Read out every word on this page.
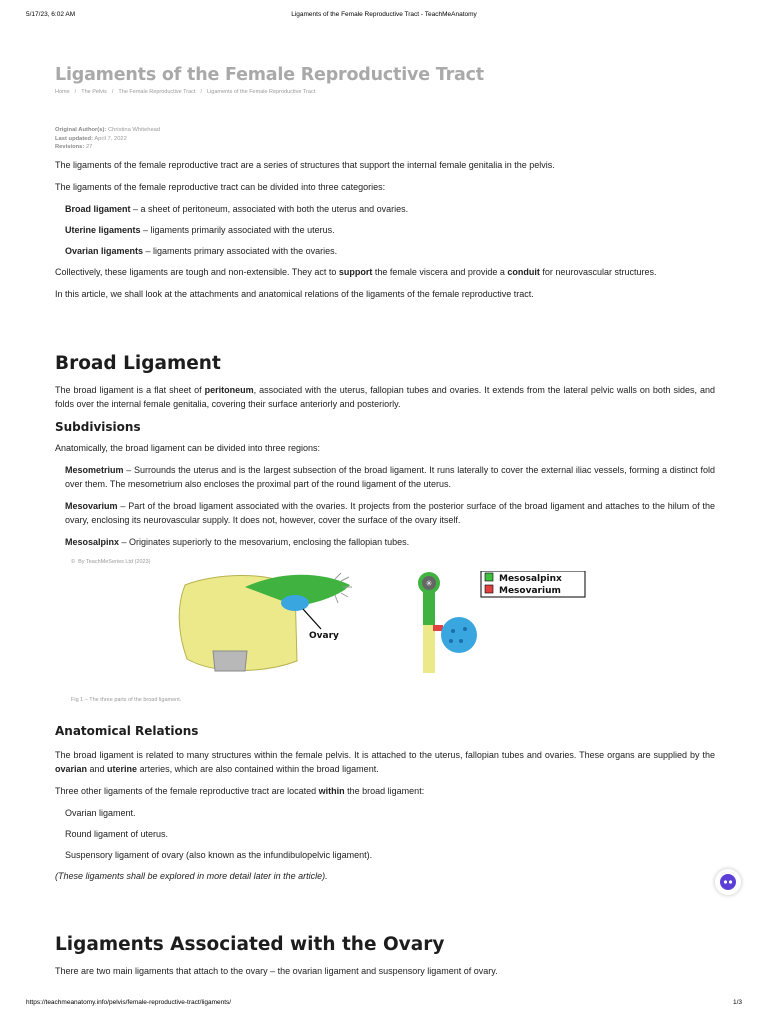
5/17/23, 6:02 AM	Ligaments of the Female Reproductive Tract - TeachMeAnatomy
Ligaments of the Female Reproductive Tract
Home / The Pelvis / The Female Reproductive Tract / Ligaments of the Female Reproductive Tract
Original Author(s): Christina Whitehead
Last updated: April 7, 2022
Revisions: 27

The ligaments of the female reproductive tract are a series of structures that support the internal female genitalia in the pelvis.

The ligaments of the female reproductive tract can be divided into three categories:

Broad ligament – a sheet of peritoneum, associated with both the uterus and ovaries.
Uterine ligaments – ligaments primarily associated with the uterus.
Ovarian ligaments – ligaments primary associated with the ovaries.

Collectively, these ligaments are tough and non-extensible. They act to support the female viscera and provide a conduit for neurovascular structures.

In this article, we shall look at the attachments and anatomical relations of the ligaments of the female reproductive tract.

Broad Ligament

The broad ligament is a flat sheet of peritoneum, associated with the uterus, fallopian tubes and ovaries. It extends from the lateral pelvic walls on both sides, and folds over the internal female genitalia, covering their surface anteriorly and posteriorly.

Subdivisions

Anatomically, the broad ligament can be divided into three regions:

Mesometrium – Surrounds the uterus and is the largest subsection of the broad ligament. It runs laterally to cover the external iliac vessels, forming a distinct fold over them. The mesometrium also encloses the proximal part of the round ligament of the uterus.
Mesovarium – Part of the broad ligament associated with the ovaries. It projects from the posterior surface of the broad ligament and attaches to the hilum of the ovary, enclosing its neurovascular supply. It does not, however, cover the surface of the ovary itself.
Mesosalpinx – Originates superiorly to the mesovarium, enclosing the fallopian tubes.
© By TeachMeSeries Ltd (2023)
Ovary
✳	Mesosalpinx
Mesovarium
Fig 1 – The three parts of the broad ligament.
Anatomical Relations

The broad ligament is related to many structures within the female pelvis. It is attached to the uterus, fallopian tubes and ovaries. These organs are supplied by the ovarian and uterine arteries, which are also contained within the broad ligament.

Three other ligaments of the female reproductive tract are located within the broad ligament:

Ovarian ligament.
Round ligament of uterus.
Suspensory ligament of ovary (also known as the infundibulopelvic ligament).

(These ligaments shall be explored in more detail later in the article).

Ligaments Associated with the Ovary

There are two main ligaments that attach to the ovary – the ovarian ligament and suspensory ligament of ovary.

https://teachmeanatomy.info/pelvis/female-reproductive-tract/ligaments/	1/3
